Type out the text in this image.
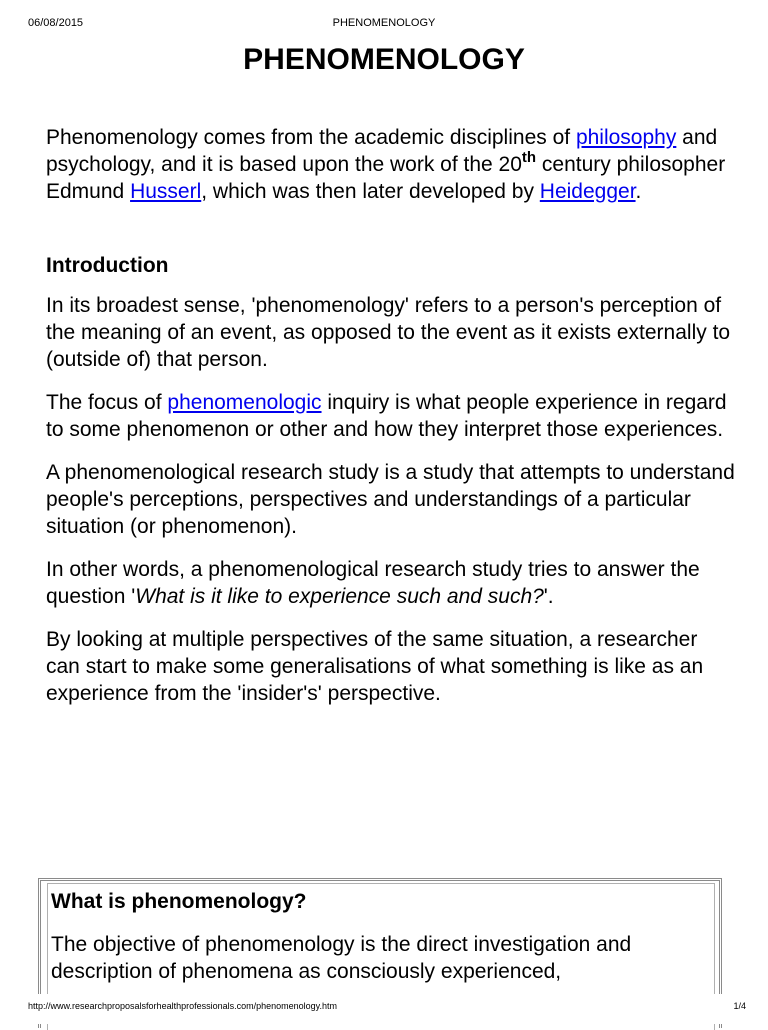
06/08/2015	PHENOMENOLOGY
PHENOMENOLOGY

Phenomenology comes from the academic disciplines of philosophy and psychology, and it is based upon the work of the 20th century philosopher Edmund Husserl, which was then later developed by Heidegger.

Introduction

In its broadest sense, 'phenomenology' refers to a person's perception of the meaning of an event, as opposed to the event as it exists externally to (outside of) that person.

The focus of phenomenologic inquiry is what people experience in regard to some phenomenon or other and how they interpret those experiences.

A phenomenological research study is a study that attempts to understand people's perceptions, perspectives and understandings of a particular situation (or phenomenon).

In other words, a phenomenological research study tries to answer the question 'What is it like to experience such and such?'.

By looking at multiple perspectives of the same situation, a researcher can start to make some generalisations of what something is like as an experience from the 'insider's' perspective.

What is phenomenology?

The objective of phenomenology is the direct investigation and description of phenomena as consciously experienced,

http://www.researchproposalsforhealthprofessionals.com/phenomenology.htm	1/4
